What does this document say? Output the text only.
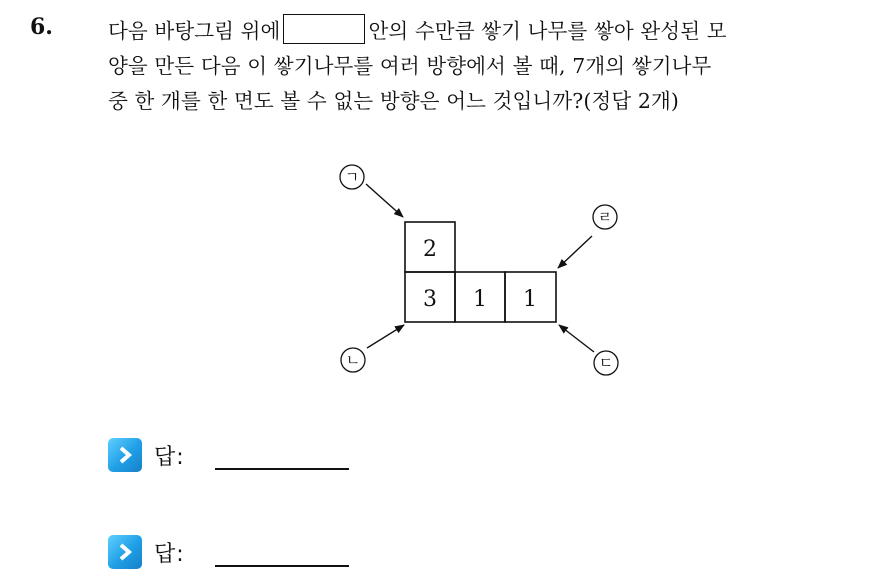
6.	다음 바탕그림 위에	안의 수만큼 쌓기 나무를 쌓아 완성된 모
양을 만든 다음 이 쌓기나무를 여러 방향에서 볼 때, 7개의 쌓기나무
중 한 개를 한 면도 볼 수 없는 방향은 어느 것입니까?(정답 2개)
2
3 1 1
ㄱ
ㄴ	ㄷ
ㄹ
답:
답:
